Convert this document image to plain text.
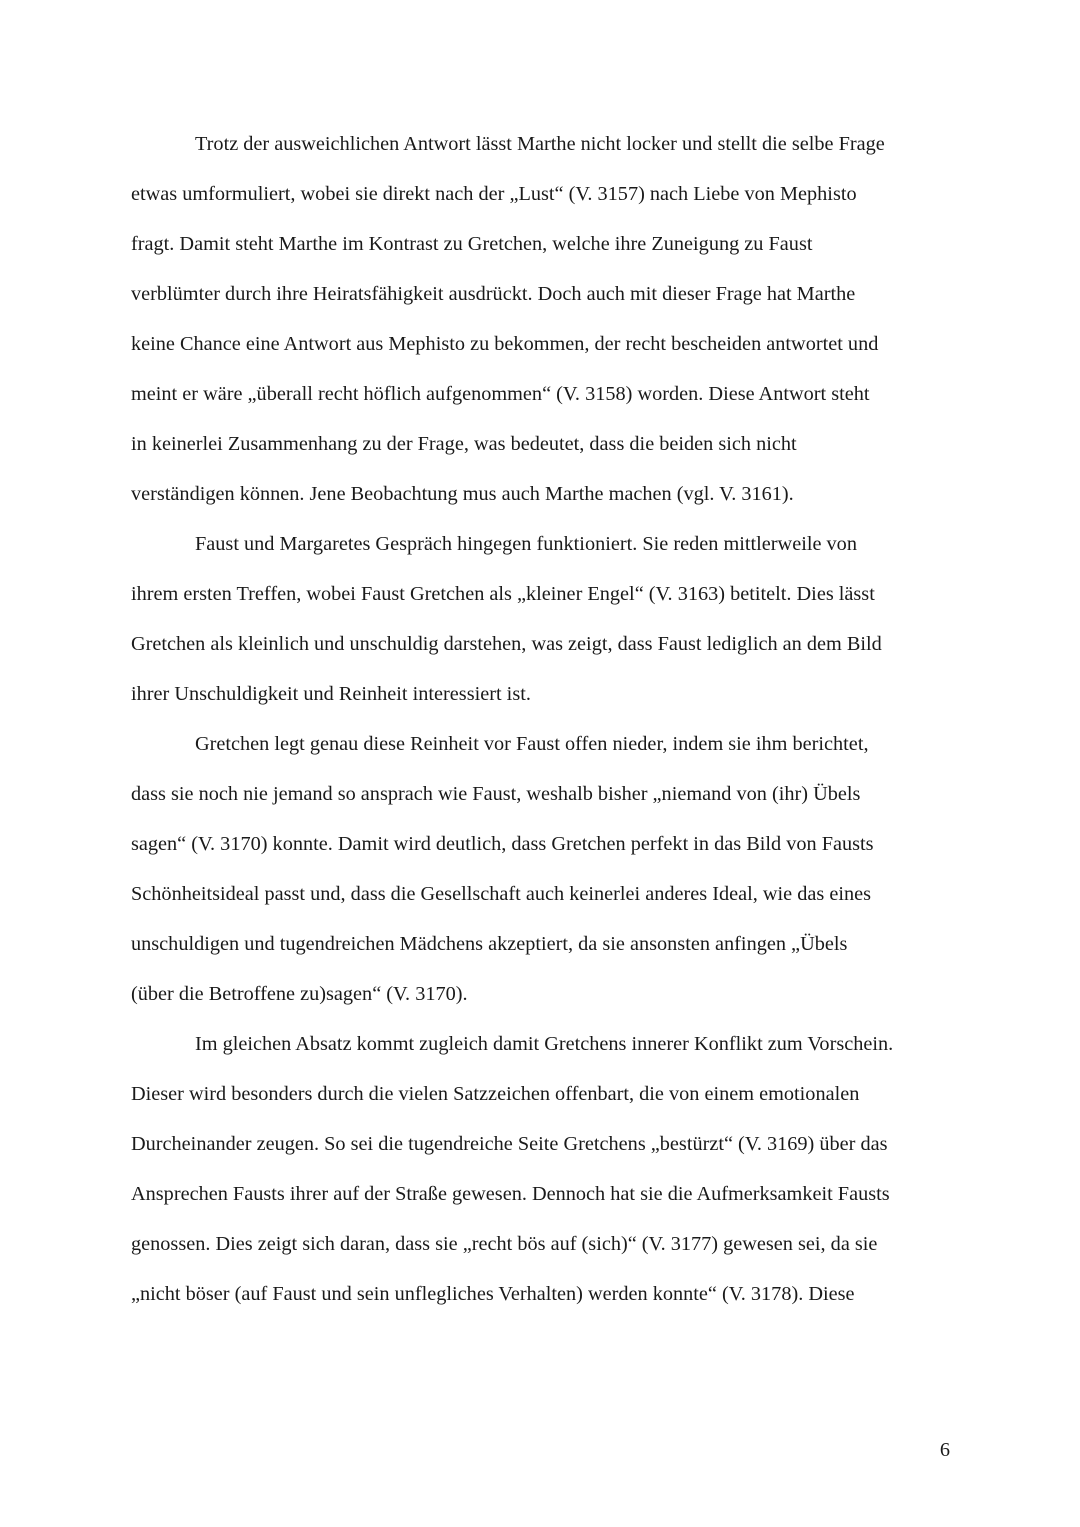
Trotz der ausweichlichen Antwort lässt Marthe nicht locker und stellt die selbe Frage
etwas umformuliert, wobei sie direkt nach der „Lust“ (V. 3157) nach Liebe von Mephisto
fragt. Damit steht Marthe im Kontrast zu Gretchen, welche ihre Zuneigung zu Faust
verblümter durch ihre Heiratsfähigkeit ausdrückt. Doch auch mit dieser Frage hat Marthe
keine Chance eine Antwort aus Mephisto zu bekommen, der recht bescheiden antwortet und
meint er wäre „überall recht höflich aufgenommen“ (V. 3158) worden. Diese Antwort steht
in keinerlei Zusammenhang zu der Frage, was bedeutet, dass die beiden sich nicht
verständigen können. Jene Beobachtung mus auch Marthe machen (vgl. V. 3161).
Faust und Margaretes Gespräch hingegen funktioniert. Sie reden mittlerweile von
ihrem ersten Treffen, wobei Faust Gretchen als „kleiner Engel“ (V. 3163) betitelt. Dies lässt
Gretchen als kleinlich und unschuldig darstehen, was zeigt, dass Faust lediglich an dem Bild
ihrer Unschuldigkeit und Reinheit interessiert ist.
Gretchen legt genau diese Reinheit vor Faust offen nieder, indem sie ihm berichtet,
dass sie noch nie jemand so ansprach wie Faust, weshalb bisher „niemand von (ihr) Übels
sagen“ (V. 3170) konnte. Damit wird deutlich, dass Gretchen perfekt in das Bild von Fausts
Schönheitsideal passt und, dass die Gesellschaft auch keinerlei anderes Ideal, wie das eines
unschuldigen und tugendreichen Mädchens akzeptiert, da sie ansonsten anfingen „Übels
(über die Betroffene zu)sagen“ (V. 3170).
Im gleichen Absatz kommt zugleich damit Gretchens innerer Konflikt zum Vorschein.
Dieser wird besonders durch die vielen Satzzeichen offenbart, die von einem emotionalen
Durcheinander zeugen. So sei die tugendreiche Seite Gretchens „bestürzt“ (V. 3169) über das
Ansprechen Fausts ihrer auf der Straße gewesen. Dennoch hat sie die Aufmerksamkeit Fausts
genossen. Dies zeigt sich daran, dass sie „recht bös auf (sich)“ (V. 3177) gewesen sei, da sie
„nicht böser (auf Faust und sein unflegliches Verhalten) werden konnte“ (V. 3178). Diese
6
